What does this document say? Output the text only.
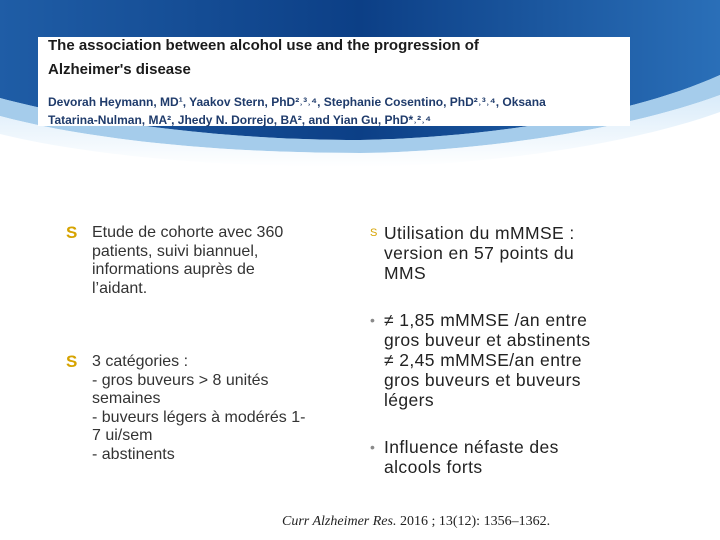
The association between alcohol use and the progression of
Alzheimer's disease
Devorah Heymann, MD¹, Yaakov Stern, PhD²˒³˒⁴, Stephanie Cosentino, PhD²˒³˒⁴, Oksana
Tatarina-Nulman, MA², Jhedy N. Dorrejo, BA², and Yian Gu, PhD*˒²˒⁴
S Etude de cohorte avec 360
patients, suivi biannuel,
informations auprès de
l’aidant.
S 3 catégories :
- gros buveurs > 8 unités
semaines
- buveurs légers à modérés 1-
7 ui/sem
- abstinents
S Utilisation du mMMSE :
version en 57 points du
MMS
• ≠ 1,85 mMMSE /an entre
gros buveur et abstinents
≠ 2,45 mMMSE/an entre
gros buveurs et buveurs
légers
• Influence néfaste des
alcools forts
Curr Alzheimer Res. 2016 ; 13(12): 1356–1362.
